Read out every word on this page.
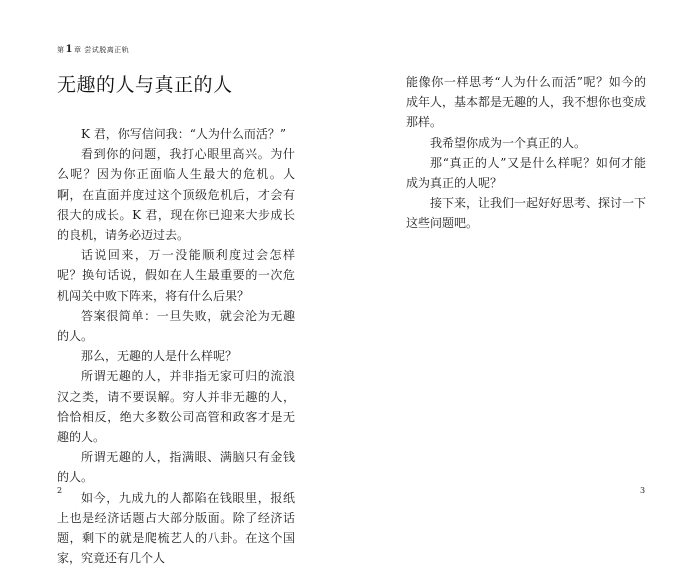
第1章 尝试脱离正轨
无趣的人与真正的人

K 君，你写信问我：“人为什么而活？”

看到你的问题，我打心眼里高兴。为什么呢？因为你正面临人生最大的危机。人啊，在直面并度过这个顶级危机后，才会有很大的成长。K 君，现在你已迎来大步成长的良机，请务必迈过去。

话说回来，万一没能顺利度过会怎样呢？换句话说，假如在人生最重要的一次危机闯关中败下阵来，将有什么后果？

答案很简单：一旦失败，就会沦为无趣的人。

那么，无趣的人是什么样呢？

所谓无趣的人，并非指无家可归的流浪汉之类，请不要误解。穷人并非无趣的人，恰恰相反，绝大多数公司高管和政客才是无趣的人。

所谓无趣的人，指满眼、满脑只有金钱的人。

如今，九成九的人都陷在钱眼里，报纸上也是经济话题占大部分版面。除了经济话题，剩下的就是爬梳艺人的八卦。在这个国家，究竟还有几个人

2

能像你一样思考“人为什么而活”呢？如今的成年人，基本都是无趣的人，我不想你也变成那样。

我希望你成为一个真正的人。

那“真正的人”又是什么样呢？如何才能成为真正的人呢？

接下来，让我们一起好好思考、探讨一下这些问题吧。

3
